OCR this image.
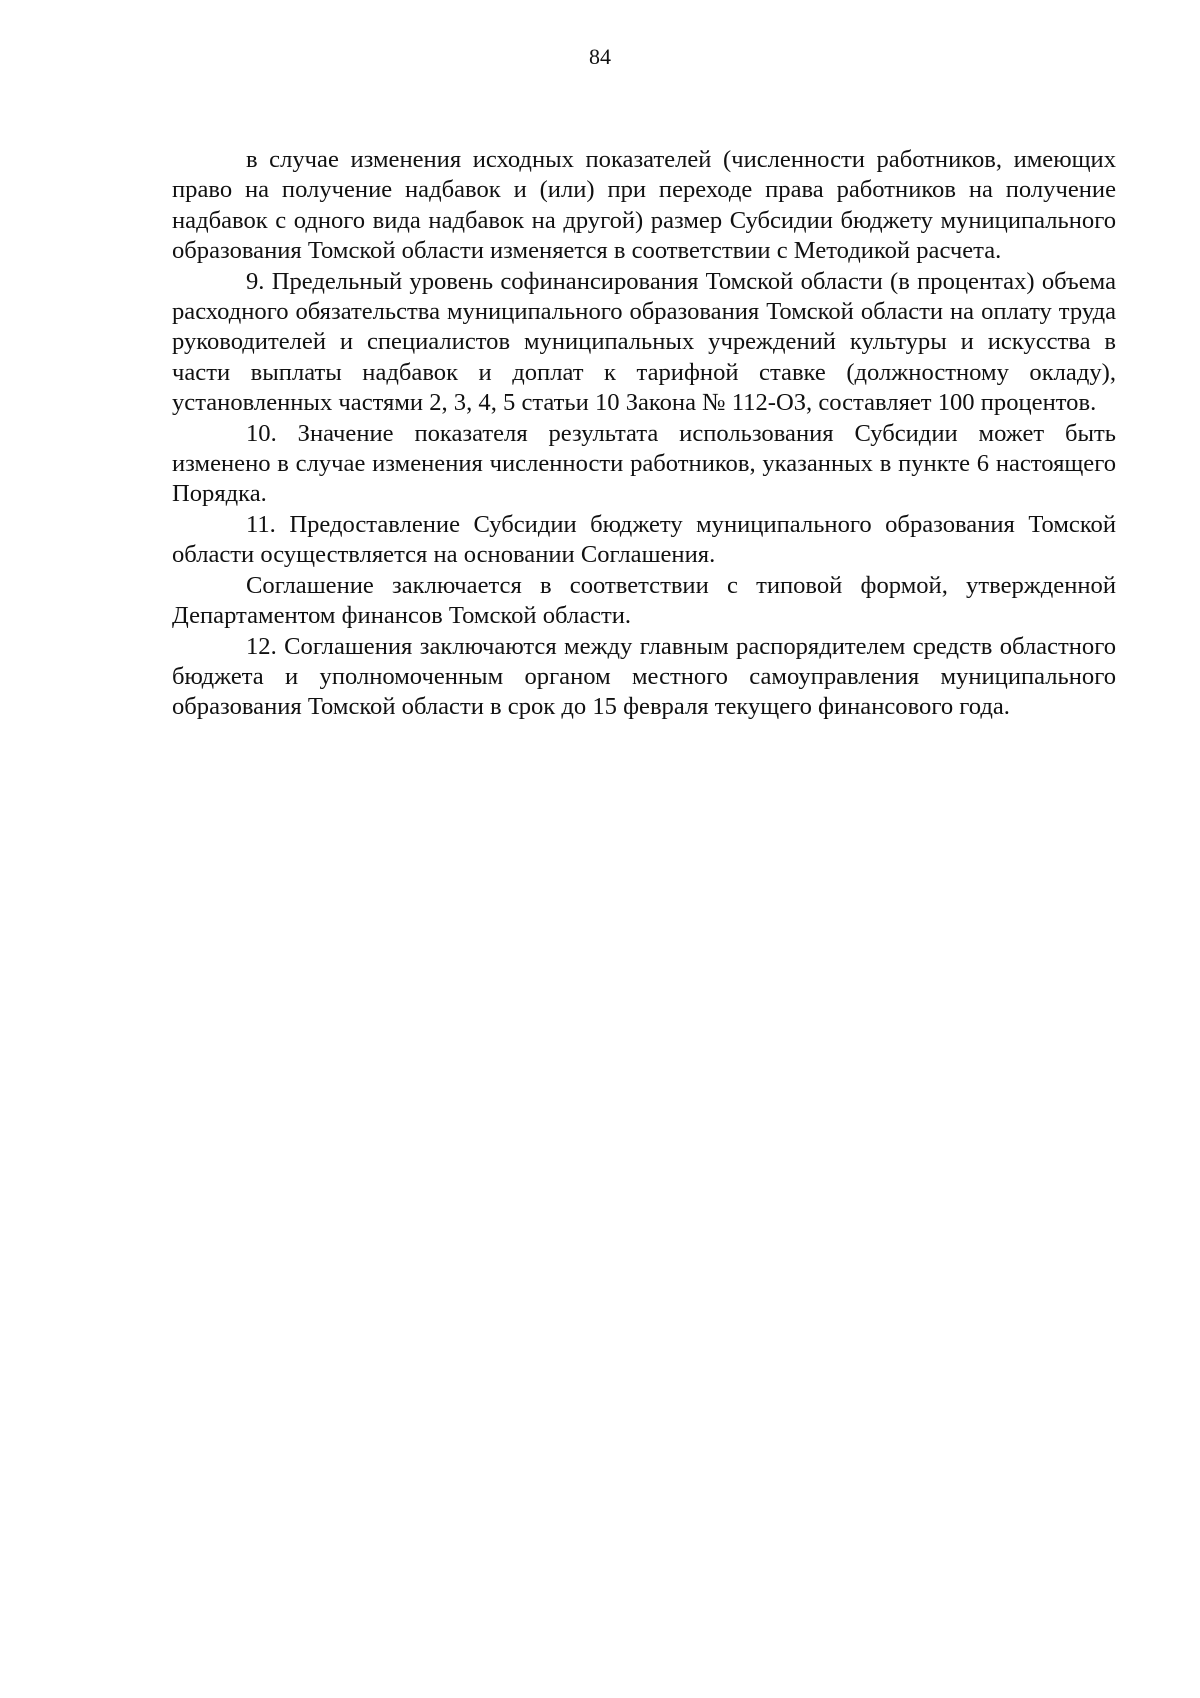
84

в случае изменения исходных показателей (численности работников, имеющих право на получение надбавок и (или) при переходе права работников на получение надбавок с одного вида надбавок на другой) размер Субсидии бюджету муниципального образования Томской области изменяется в соответствии с Методикой расчета.

9. Предельный уровень софинансирования Томской области (в процентах) объема расходного обязательства муниципального образования Томской области на оплату труда руководителей и специалистов муниципальных учреждений культуры и искусства в части выплаты надбавок и доплат к тарифной ставке (должностному окладу), установленных частями 2, 3, 4, 5 статьи 10 Закона № 112-ОЗ, составляет 100 процентов.

10. Значение показателя результата использования Субсидии может быть изменено в случае изменения численности работников, указанных в пункте 6 настоящего Порядка.

11. Предоставление Субсидии бюджету муниципального образования Томской области осуществляется на основании Соглашения.

Соглашение заключается в соответствии с типовой формой, утвержденной Департаментом финансов Томской области.

12. Соглашения заключаются между главным распорядителем средств областного бюджета и уполномоченным органом местного самоуправления муниципального образования Томской области в срок до 15 февраля текущего финансового года.
